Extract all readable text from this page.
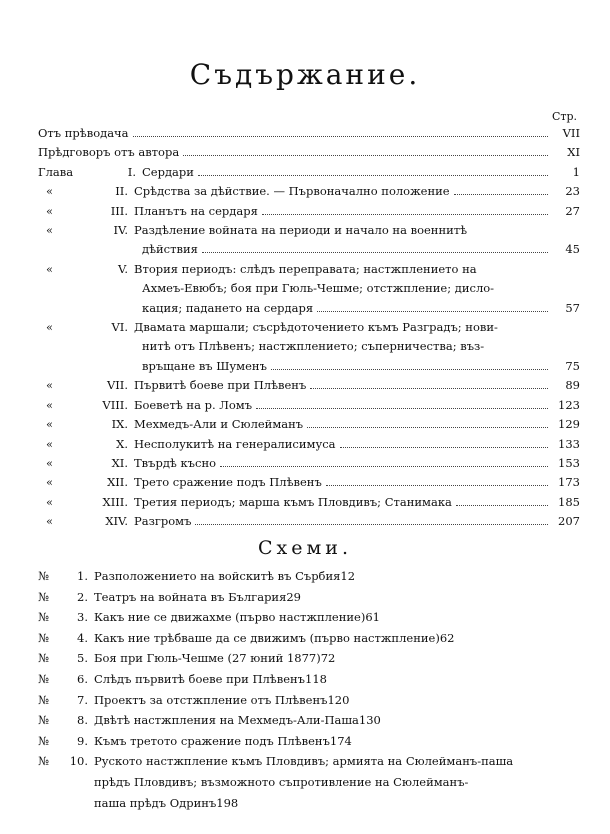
Съдържание.
Стр.
Отъ прѣводача	VII
Прѣдговоръ отъ автора	XI
Глава	I. Сердари	1
«	II. Срѣдства за дѣйствие. — Първоначално положение	23
«	III. Планътъ на сердаря	27
«	IV. Раздѣление войната на периоди и начало на военнитѣ
дѣйствия	45
«	V. Втория периодъ: слѣдъ переправата; настжплението на
Ахмеъ-Евюбъ; боя при Гюль-Чешме; отстжпление; дисло-
кация; падането на сердаря	57
«	VI. Двамата маршали; съсрѣдоточението къмъ Разградъ; нови-
нитѣ отъ Плѣвенъ; настжплението; съперничества; въз-
връщане въ Шуменъ	75
«	VII. Първитѣ боеве при Плѣвенъ	89
«	VIII. Боеветѣ на р. Ломъ	123
«	IX. Мехмедъ-Али и Сюлейманъ	129
«	X. Несполукитѣ на генералисимуса	133
«	XI. Твърдѣ късно	153
«	XII. Трето сражение подъ Плѣвенъ	173
«	XIII. Третия периодъ; марша къмъ Пловдивъ; Станимака	185
«	XIV. Разгромъ	207
Схеми.
№	1. Разположението на войскитѣ въ Сърбия 12
№	2. Театръ на войната въ България 29
№	3. Какъ ние се движахме (първо настжпление) 61
№	4. Какъ ние трѣбваше да се движимъ (първо настжпление) 62
№	5. Боя при Гюль-Чешме (27 юний 1877) 72
№	6. Слѣдъ първитѣ боеве при Плѣвенъ 118
№	7. Проектъ за отстжпление отъ Плѣвенъ 120
№	8. Двѣтѣ настжпления на Мехмедъ-Али-Паша 130
№	9. Къмъ третото сражение подъ Плѣвенъ 174
№	10. Руското настжпление къмъ Пловдивъ; армията на Сюлейманъ-паша
прѣдъ Пловдивъ; възможното съпротивление на Сюлейманъ-
паша прѣдъ Одринъ 198
